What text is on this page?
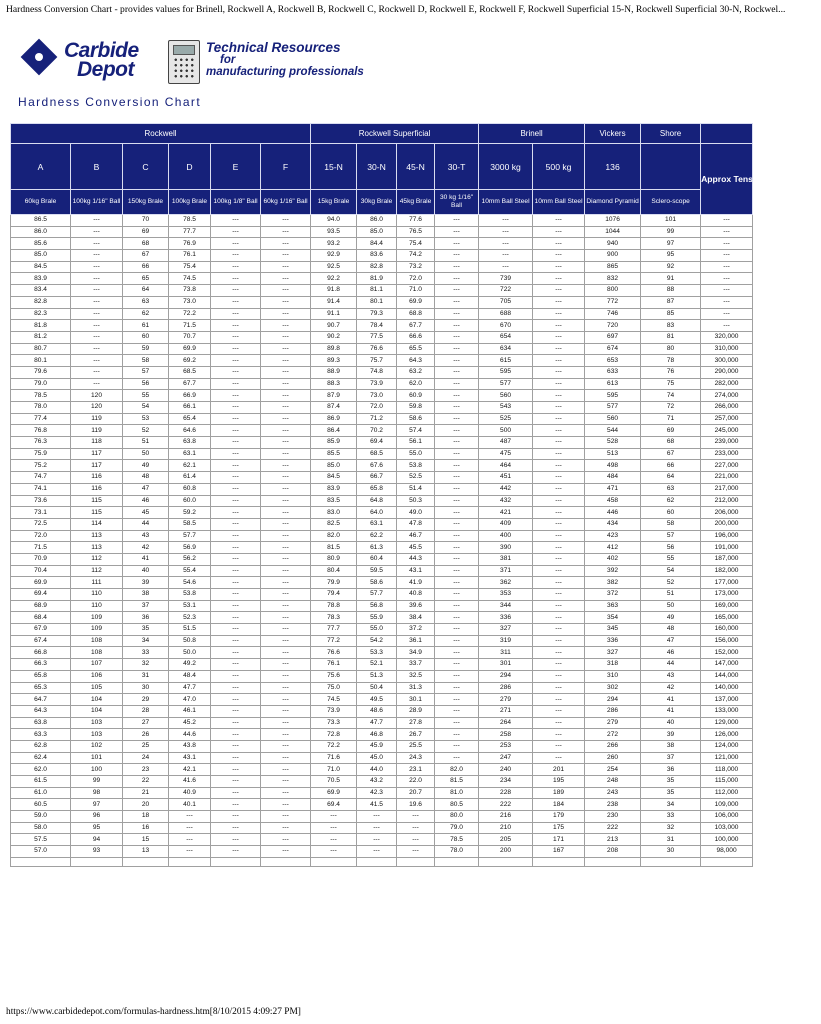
Hardness Conversion Chart - provides values for Brinell, Rockwell A, Rockwell B, Rockwell C, Rockwell D, Rockwell E, Rockwell F, Rockwell Superficial 15-N, Rockwell Superficial 30-N, Rockwel...
Carbide
Depot
Technical Resources
for
manufacturing professionals
Hardness Conversion Chart
Rockwell						Rockwell Superficial				Brinell		Vickers	Shore	
A	B	C	D	E	F	15-N	30-N	45-N	30-T	3000 kg	500 kg	136		Approx Tensile Strength (psi)
60kg Brale	100kg 1/16" Ball	150kg Brale	100kg Brale	100kg 1/8" Ball	60kg 1/16" Ball	15kg Brale	30kg Brale	45kg Brale	30 kg 1/16" Ball	10mm Ball Steel	10mm Ball Steel	Diamond Pyramid	Sclero-scope	
86.5	---	70	78.5	---	---	94.0	86.0	77.6	---	---	---	1076	101	---
86.0	---	69	77.7	---	---	93.5	85.0	76.5	---	---	---	1044	99	---
85.6	---	68	76.9	---	---	93.2	84.4	75.4	---	---	---	940	97	---
85.0	---	67	76.1	---	---	92.9	83.6	74.2	---	---	---	900	95	---
84.5	---	66	75.4	---	---	92.5	82.8	73.2	---	---	---	865	92	---
83.9	---	65	74.5	---	---	92.2	81.9	72.0	---	739	---	832	91	---
83.4	---	64	73.8	---	---	91.8	81.1	71.0	---	722	---	800	88	---
82.8	---	63	73.0	---	---	91.4	80.1	69.9	---	705	---	772	87	---
82.3	---	62	72.2	---	---	91.1	79.3	68.8	---	688	---	746	85	---
81.8	---	61	71.5	---	---	90.7	78.4	67.7	---	670	---	720	83	---
81.2	---	60	70.7	---	---	90.2	77.5	66.6	---	654	---	697	81	320,000
80.7	---	59	69.9	---	---	89.8	76.6	65.5	---	634	---	674	80	310,000
80.1	---	58	69.2	---	---	89.3	75.7	64.3	---	615	---	653	78	300,000
79.6	---	57	68.5	---	---	88.9	74.8	63.2	---	595	---	633	76	290,000
79.0	---	56	67.7	---	---	88.3	73.9	62.0	---	577	---	613	75	282,000
78.5	120	55	66.9	---	---	87.9	73.0	60.9	---	560	---	595	74	274,000
78.0	120	54	66.1	---	---	87.4	72.0	59.8	---	543	---	577	72	266,000
77.4	119	53	65.4	---	---	86.9	71.2	58.6	---	525	---	560	71	257,000
76.8	119	52	64.6	---	---	86.4	70.2	57.4	---	500	---	544	69	245,000
76.3	118	51	63.8	---	---	85.9	69.4	56.1	---	487	---	528	68	239,000
75.9	117	50	63.1	---	---	85.5	68.5	55.0	---	475	---	513	67	233,000
75.2	117	49	62.1	---	---	85.0	67.6	53.8	---	464	---	498	66	227,000
74.7	116	48	61.4	---	---	84.5	66.7	52.5	---	451	---	484	64	221,000
74.1	116	47	60.8	---	---	83.9	65.8	51.4	---	442	---	471	63	217,000
73.6	115	46	60.0	---	---	83.5	64.8	50.3	---	432	---	458	62	212,000
73.1	115	45	59.2	---	---	83.0	64.0	49.0	---	421	---	446	60	206,000
72.5	114	44	58.5	---	---	82.5	63.1	47.8	---	409	---	434	58	200,000
72.0	113	43	57.7	---	---	82.0	62.2	46.7	---	400	---	423	57	196,000
71.5	113	42	56.9	---	---	81.5	61.3	45.5	---	390	---	412	56	191,000
70.9	112	41	56.2	---	---	80.9	60.4	44.3	---	381	---	402	55	187,000
70.4	112	40	55.4	---	---	80.4	59.5	43.1	---	371	---	392	54	182,000
69.9	111	39	54.6	---	---	79.9	58.6	41.9	---	362	---	382	52	177,000
69.4	110	38	53.8	---	---	79.4	57.7	40.8	---	353	---	372	51	173,000
68.9	110	37	53.1	---	---	78.8	56.8	39.6	---	344	---	363	50	169,000
68.4	109	36	52.3	---	---	78.3	55.9	38.4	---	336	---	354	49	165,000
67.9	109	35	51.5	---	---	77.7	55.0	37.2	---	327	---	345	48	160,000
67.4	108	34	50.8	---	---	77.2	54.2	36.1	---	319	---	336	47	156,000
66.8	108	33	50.0	---	---	76.6	53.3	34.9	---	311	---	327	46	152,000
66.3	107	32	49.2	---	---	76.1	52.1	33.7	---	301	---	318	44	147,000
65.8	106	31	48.4	---	---	75.6	51.3	32.5	---	294	---	310	43	144,000
65.3	105	30	47.7	---	---	75.0	50.4	31.3	---	286	---	302	42	140,000
64.7	104	29	47.0	---	---	74.5	49.5	30.1	---	279	---	294	41	137,000
64.3	104	28	46.1	---	---	73.9	48.6	28.9	---	271	---	286	41	133,000
63.8	103	27	45.2	---	---	73.3	47.7	27.8	---	264	---	279	40	129,000
63.3	103	26	44.6	---	---	72.8	46.8	26.7	---	258	---	272	39	126,000
62.8	102	25	43.8	---	---	72.2	45.9	25.5	---	253	---	266	38	124,000
62.4	101	24	43.1	---	---	71.6	45.0	24.3	---	247	---	260	37	121,000
62.0	100	23	42.1	---	---	71.0	44.0	23.1	82.0	240	201	254	36	118,000
61.5	99	22	41.6	---	---	70.5	43.2	22.0	81.5	234	195	248	35	115,000
61.0	98	21	40.9	---	---	69.9	42.3	20.7	81.0	228	189	243	35	112,000
60.5	97	20	40.1	---	---	69.4	41.5	19.6	80.5	222	184	238	34	109,000
59.0	96	18	---	---	---	---	---	---	80.0	216	179	230	33	106,000
58.0	95	16	---	---	---	---	---	---	79.0	210	175	222	32	103,000
57.5	94	15	---	---	---	---	---	---	78.5	205	171	213	31	100,000
57.0	93	13	---	---	---	---	---	---	78.0	200	167	208	30	98,000

https://www.carbidedepot.com/formulas-hardness.htm[8/10/2015 4:09:27 PM]
